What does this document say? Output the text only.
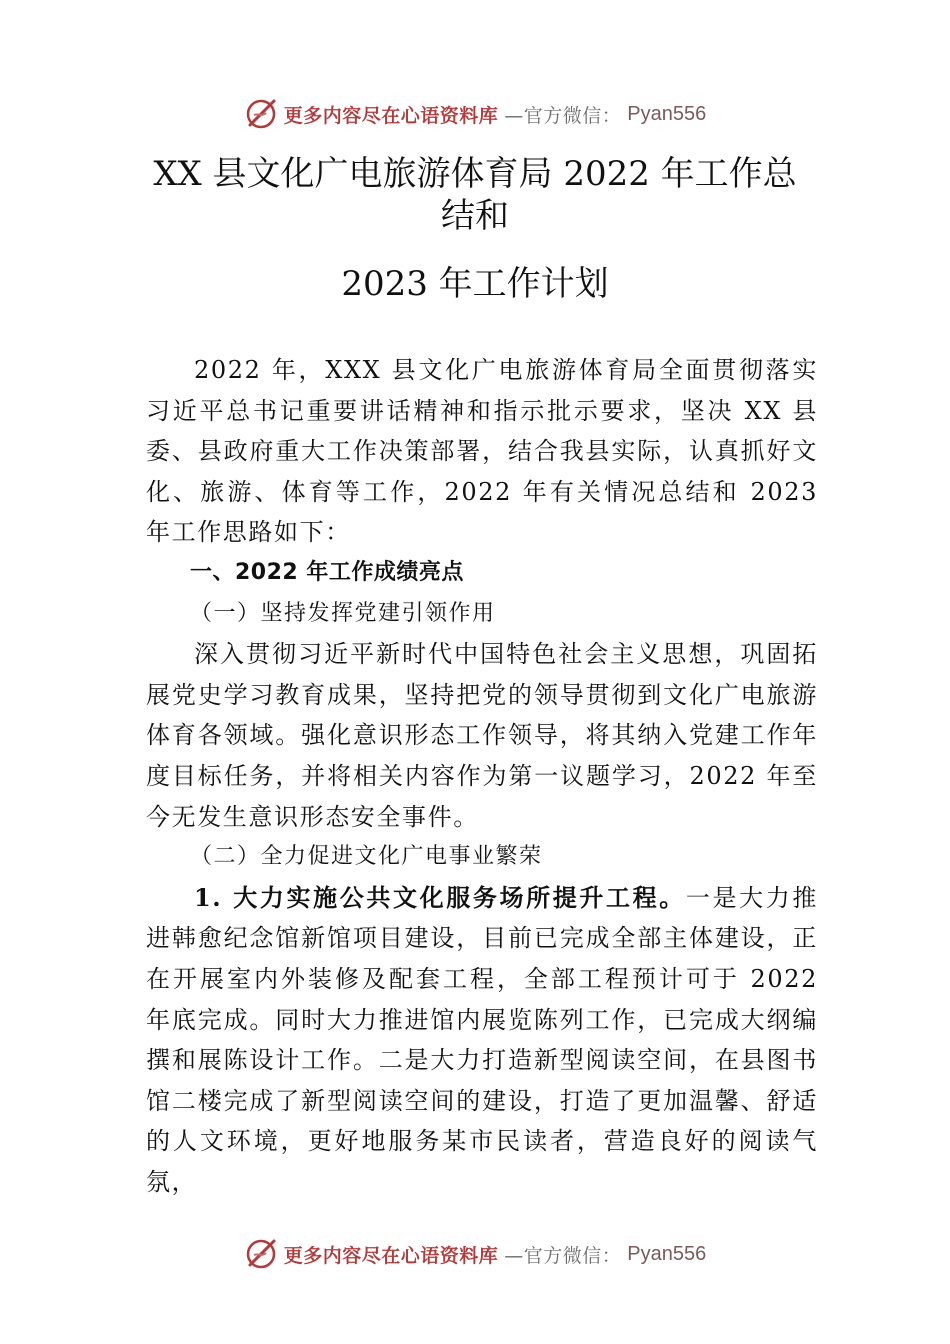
更多内容尽在心语资料库 —官方微信： Pyan556
XX 县文化广电旅游体育局 2022 年工作总
结和
2023 年工作计划

2022 年，XXX 县文化广电旅游体育局全面贯彻落实习近平总书记重要讲话精神和指示批示要求，坚决 XX 县委、县政府重大工作决策部署，结合我县实际，认真抓好文化、旅游、体育等工作，2022 年有关情况总结和 2023 年工作思路如下：

一、2022 年工作成绩亮点

（一）坚持发挥党建引领作用

深入贯彻习近平新时代中国特色社会主义思想，巩固拓展党史学习教育成果，坚持把党的领导贯彻到文化广电旅游体育各领域。强化意识形态工作领导，将其纳入党建工作年度目标任务，并将相关内容作为第一议题学习，2022 年至今无发生意识形态安全事件。

（二）全力促进文化广电事业繁荣

1. 大力实施公共文化服务场所提升工程。一是大力推进韩愈纪念馆新馆项目建设，目前已完成全部主体建设，正在开展室内外装修及配套工程，全部工程预计可于 2022 年底完成。同时大力推进馆内展览陈列工作，已完成大纲编撰和展陈设计工作。二是大力打造新型阅读空间，在县图书馆二楼完成了新型阅读空间的建设，打造了更加温馨、舒适的人文环境，更好地服务某市民读者，营造良好的阅读气氛，

更多内容尽在心语资料库 —官方微信： Pyan556
